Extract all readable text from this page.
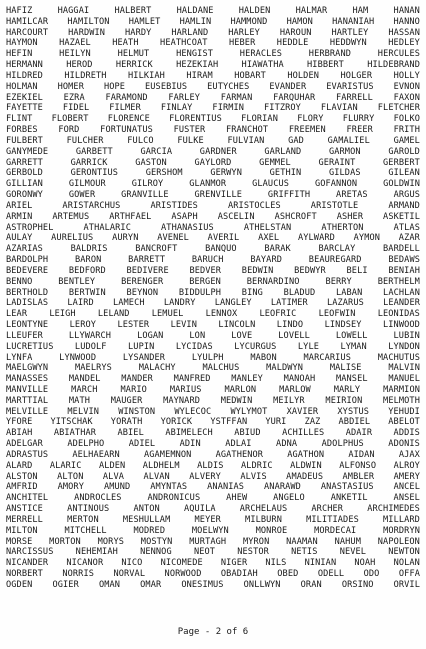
HAFIZ	HAGGAI	HALBERT	HALDANE	HALDEN	HALMAR	HAM	HANAN
HAMILCAR HAMILTON HAMLET HAMLIN HAMMOND HAMON HANANIAH HANNO
HARCOURT HARDWIN HARDY HARLAND HARLEY HAROUN HARTLEY HASSAN
HAYMON HAZAEL HEATH HEATHCOAT HEBER HEDDLE HEDDWYN HEDLEY
HEFIN	HEILYN	HELMUT	HENGIST	HERACLES	HERBRAND	HERCULES
HERMANN	HEROD	HERRICK	HEZEKIAH	HIAWATHA	HIBBERT	HILDEBRAND
HILDRED HILDRETH HILKIAH HIRAM HOBART HOLDEN HOLGER HOLLY
HOLMAN HOMER HOPE EUSEBIUS EUTYCHES EVANDER EVARISTUS EVNON
EZEKIEL EZRA FARAMOND FARLEY FARMAN FARQUHAR FARRELL FAXON
FAYETTE FIDEL FILMER FINLAY FIRMIN FITZROY FLAVIAN FLETCHER
FLINT FLOBERT FLORENCE FLORENTIUS FLORIAN FLORY FLURRY FOLKO
FORBES FORD FORTUNATUS FUSTER FRANCHOT FREEMEN FREER FRITH
FULBERT	FULCHER	FULCO	FULKE	FULVIAN	GAD	GAMALIEL	GAMEL
GANYMEDE	GARBETT	GARCIA	GARDNER	GARLAND	GARMON	GAROLD
GARRETT	GARRICK	GASTON	GAYLORD	GEMMEL	GERAINT	GERBERT
GERBOLD	GERONTIUS	GERSHOM	GERWYN	GETHIN	GILDAS	GILEAN
GILLIAN	GILMOUR	GILROY	GLANMOR	GLAUCUS	GOFANNON	GOLDWIN
GORONWY	GOWER	GRANVILLE	GRENVILLE	GRIFFITH	ARETAS	ARGUS
ARIEL	ARISTARCHUS	ARISTIDES	ARISTOCLES	ARISTOTLE	ARMAND
ARMIN ARTEMUS ARTHFAEL ASAPH ASCELIN ASHCROFT ASHER ASKETIL
ASTROPHEL	ATHALARIC	ATHANASIUS	ATHELSTAN	ATHERTON	ATLAS
AULAY AURELIUS AURYN AVENEL AVERIL AXEL AYLWARD AYMON AZAR
AZARIAS	BALDRIS	BANCROFT	BANQUO	BARAK	BARCLAY	BARDELL
BARDOLPH	BARON	BARRETT	BARUCH	BAYARD	BEAUREGARD	BEDAWS
BEDEVERE BEDFORD BEDIVERE BEDVER BEDWIN BEDWYR BELI BENIAH
BENNO	BENTLEY	BERENGER	BERGEN	BERNARDINO	BERRY	BERTHELM
BERTHOLD BERTWIN BEYNON BIDDULPH BING BLADUD LABAN LACHLAN
LADISLAS LAIRD LAMECH LANDRY LANGLEY LATIMER LAZARUS LEANDER
LEAR	LEIGH	LELAND	LEMUEL	LENNOX	LEOFRIC	LEOFWIN	LEONIDAS
LEONTYNE LEROY LESTER LEVIN LINCOLN LINDO LINDSEY LINWOOD
LLEUFER	LLYWARCH	LOGAN	LON	LOVE	LOVELL	LOWELL	LUBIN
LUCRETIUS LUDOLF LUPIN LYCIDAS LYCURGUS LYLE LYMAN LYNDON
LYNFA	LYNWOOD	LYSANDER	LYULPH	MABON	MARCARIUS	MACHUTUS
MAELGWYN	MAELRYS	MALACHY	MALCHUS	MALDWYN	MALISE	MALVIN
MANASSES MANDEL MANDER MANFRED MANLEY MANOAH MANSEL MANUEL
MANVILLE	MARCH	MARIO	MARIUS	MARLON	MARLOW	MARLY	MARMION
MARTTIAL MATH MAUGER MAYNARD MEDWIN MEILYR MEIRION MELMOTH
MELVILLE MELVIN WINSTON WYLECOC WYLYMOT XAVIER XYSTUS YEHUDI
YFORE YITSCHAK YORATH YORICK YSTFFAN YURI ZAZ ABDIEL ABELOT
ABIAH ABIATHAR ABIEL ABIMELECH ABIUD ACHILLES ADAIR ADDIS
ADELGAR	ADELPHO	ADIEL	ADIN	ADLAI	ADNA	ADOLPHUS	ADONIS
ADRASTUS	AELHAEARN	AGAMEMNON	AGATHENOR	AGATHON	AIDAN	AJAX
ALARD ALARIC ALDEN ALDHELM ALDIS ALDRIC ALDWIN ALFONSO ALROY
ALSTON ALTON ALVA ALVAN ALVERY ALVIS AMADEUS AMBLER AMERY
AMFRID AMORY AMUND AMYNTAS ANANIAS ANARAWD ANASTASIUS ANCEL
ANCHITEL	ANDROCLES	ANDRONICUS	AHEW	ANGELO	ANKETIL	ANSEL
ANSTICE	ANTINOUS	ANTON	AQUILA	ARCHELAUS	ARCHER	ARCHIMEDES
MERRELL	MERTON	MESHULLAM	MEYER	MILBURN	MILITIADES	MILLARD
MILTON	MITCHELL	MODRED	MOELWYN	MONROE	MORDECAI	MORDRYN
MORSE MORTON MORYS MOSTYN MURTAGH MYRON NAAMAN NAHUM NAPOLEON
NARCISSUS	NEHEMIAH	NENNOG	NEOT	NESTOR	NETIS	NEVEL	NEWTON
NICANDER NICANOR NICO NICOMEDE NIGER NILS NINIAN NOAH NOLAN
NORBERT NORRIS NORVAL NORWOOD OBADIAH OBED ODELL ODO OFFA
OGDEN OGIER OMAN OMAR ONESIMUS ONLLWYN ORAN ORSINO ORVIL
Page - 2 of 6
